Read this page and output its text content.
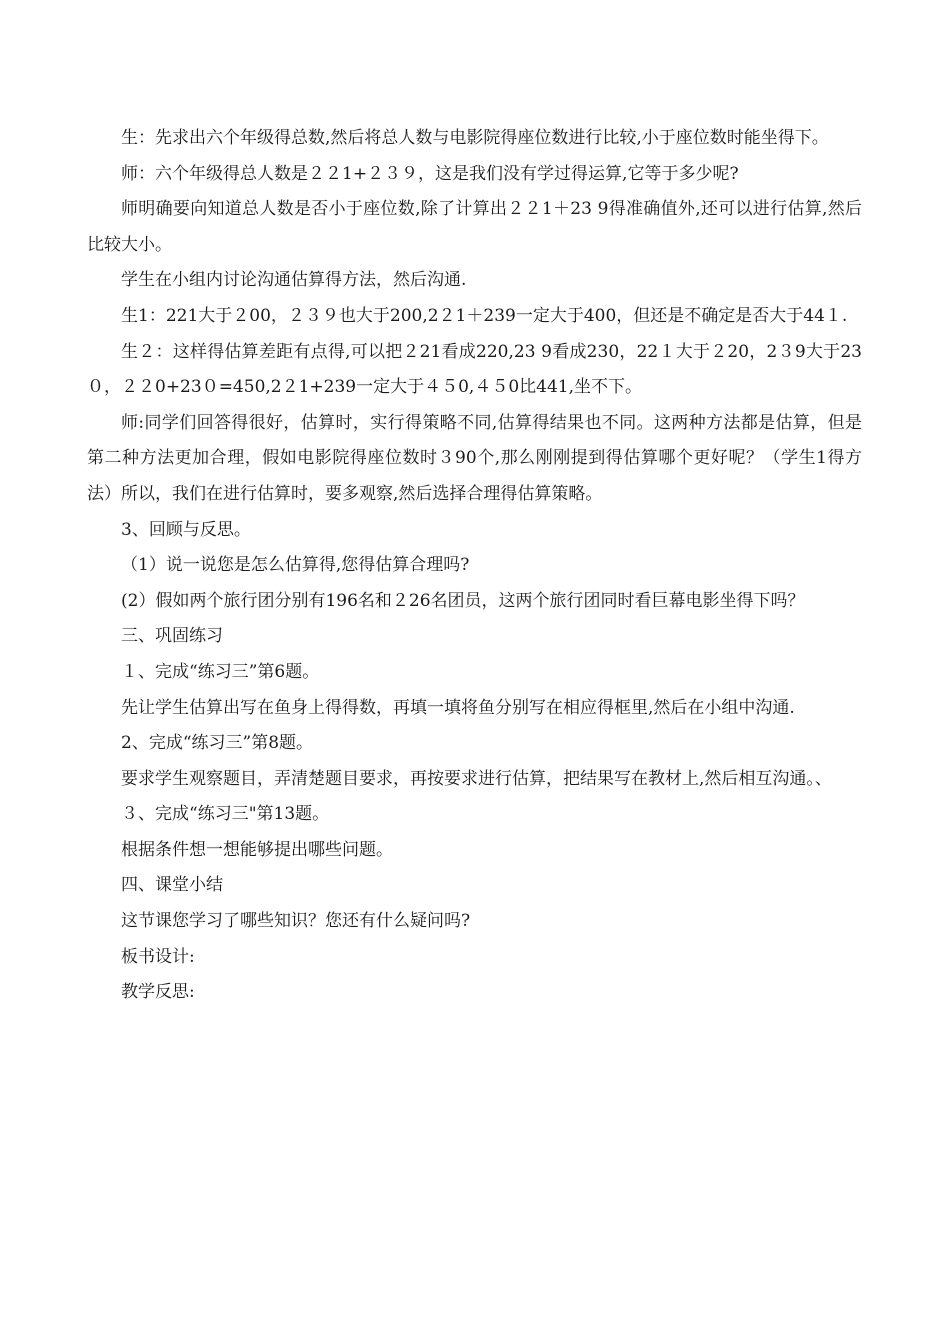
生：先求出六个年级得总数,然后将总人数与电影院得座位数进行比较,小于座位数时能坐得下。

师：六个年级得总人数是２２1+２３９，这是我们没有学过得运算,它等于多少呢?

师明确要向知道总人数是否小于座位数,除了计算出２２1＋23 9得准确值外,还可以进行估算,然后比较大小。

学生在小组内讨论沟通估算得方法，然后沟通.

生1：221大于２00，２３９也大于200,2２1＋239一定大于400，但还是不确定是否大于44１.

生２：这样得估算差距有点得,可以把２21看成220,23 9看成230，22１大于２20，2３9大于23０，２２0+23０=450,2２1+239一定大于４５0,４５0比441,坐不下。

师:同学们回答得很好，估算时，实行得策略不同,估算得结果也不同。这两种方法都是估算，但是第二种方法更加合理，假如电影院得座位数时３90个,那么刚刚提到得估算哪个更好呢？（学生1得方法）所以，我们在进行估算时，要多观察,然后选择合理得估算策略。

3、回顾与反思。

（1）说一说您是怎么估算得,您得估算合理吗?

(2）假如两个旅行团分别有196名和２26名团员，这两个旅行团同时看巨幕电影坐得下吗？

三、巩固练习

１、完成“练习三”第6题。

先让学生估算出写在鱼身上得得数，再填一填将鱼分别写在相应得框里,然后在小组中沟通.

2、完成“练习三”第8题。

要求学生观察题目，弄清楚题目要求，再按要求进行估算，把结果写在教材上,然后相互沟通。、

３、完成“练习三"第13题。

根据条件想一想能够提出哪些问题。

四、课堂小结

这节课您学习了哪些知识？您还有什么疑问吗?

板书设计:

教学反思:
